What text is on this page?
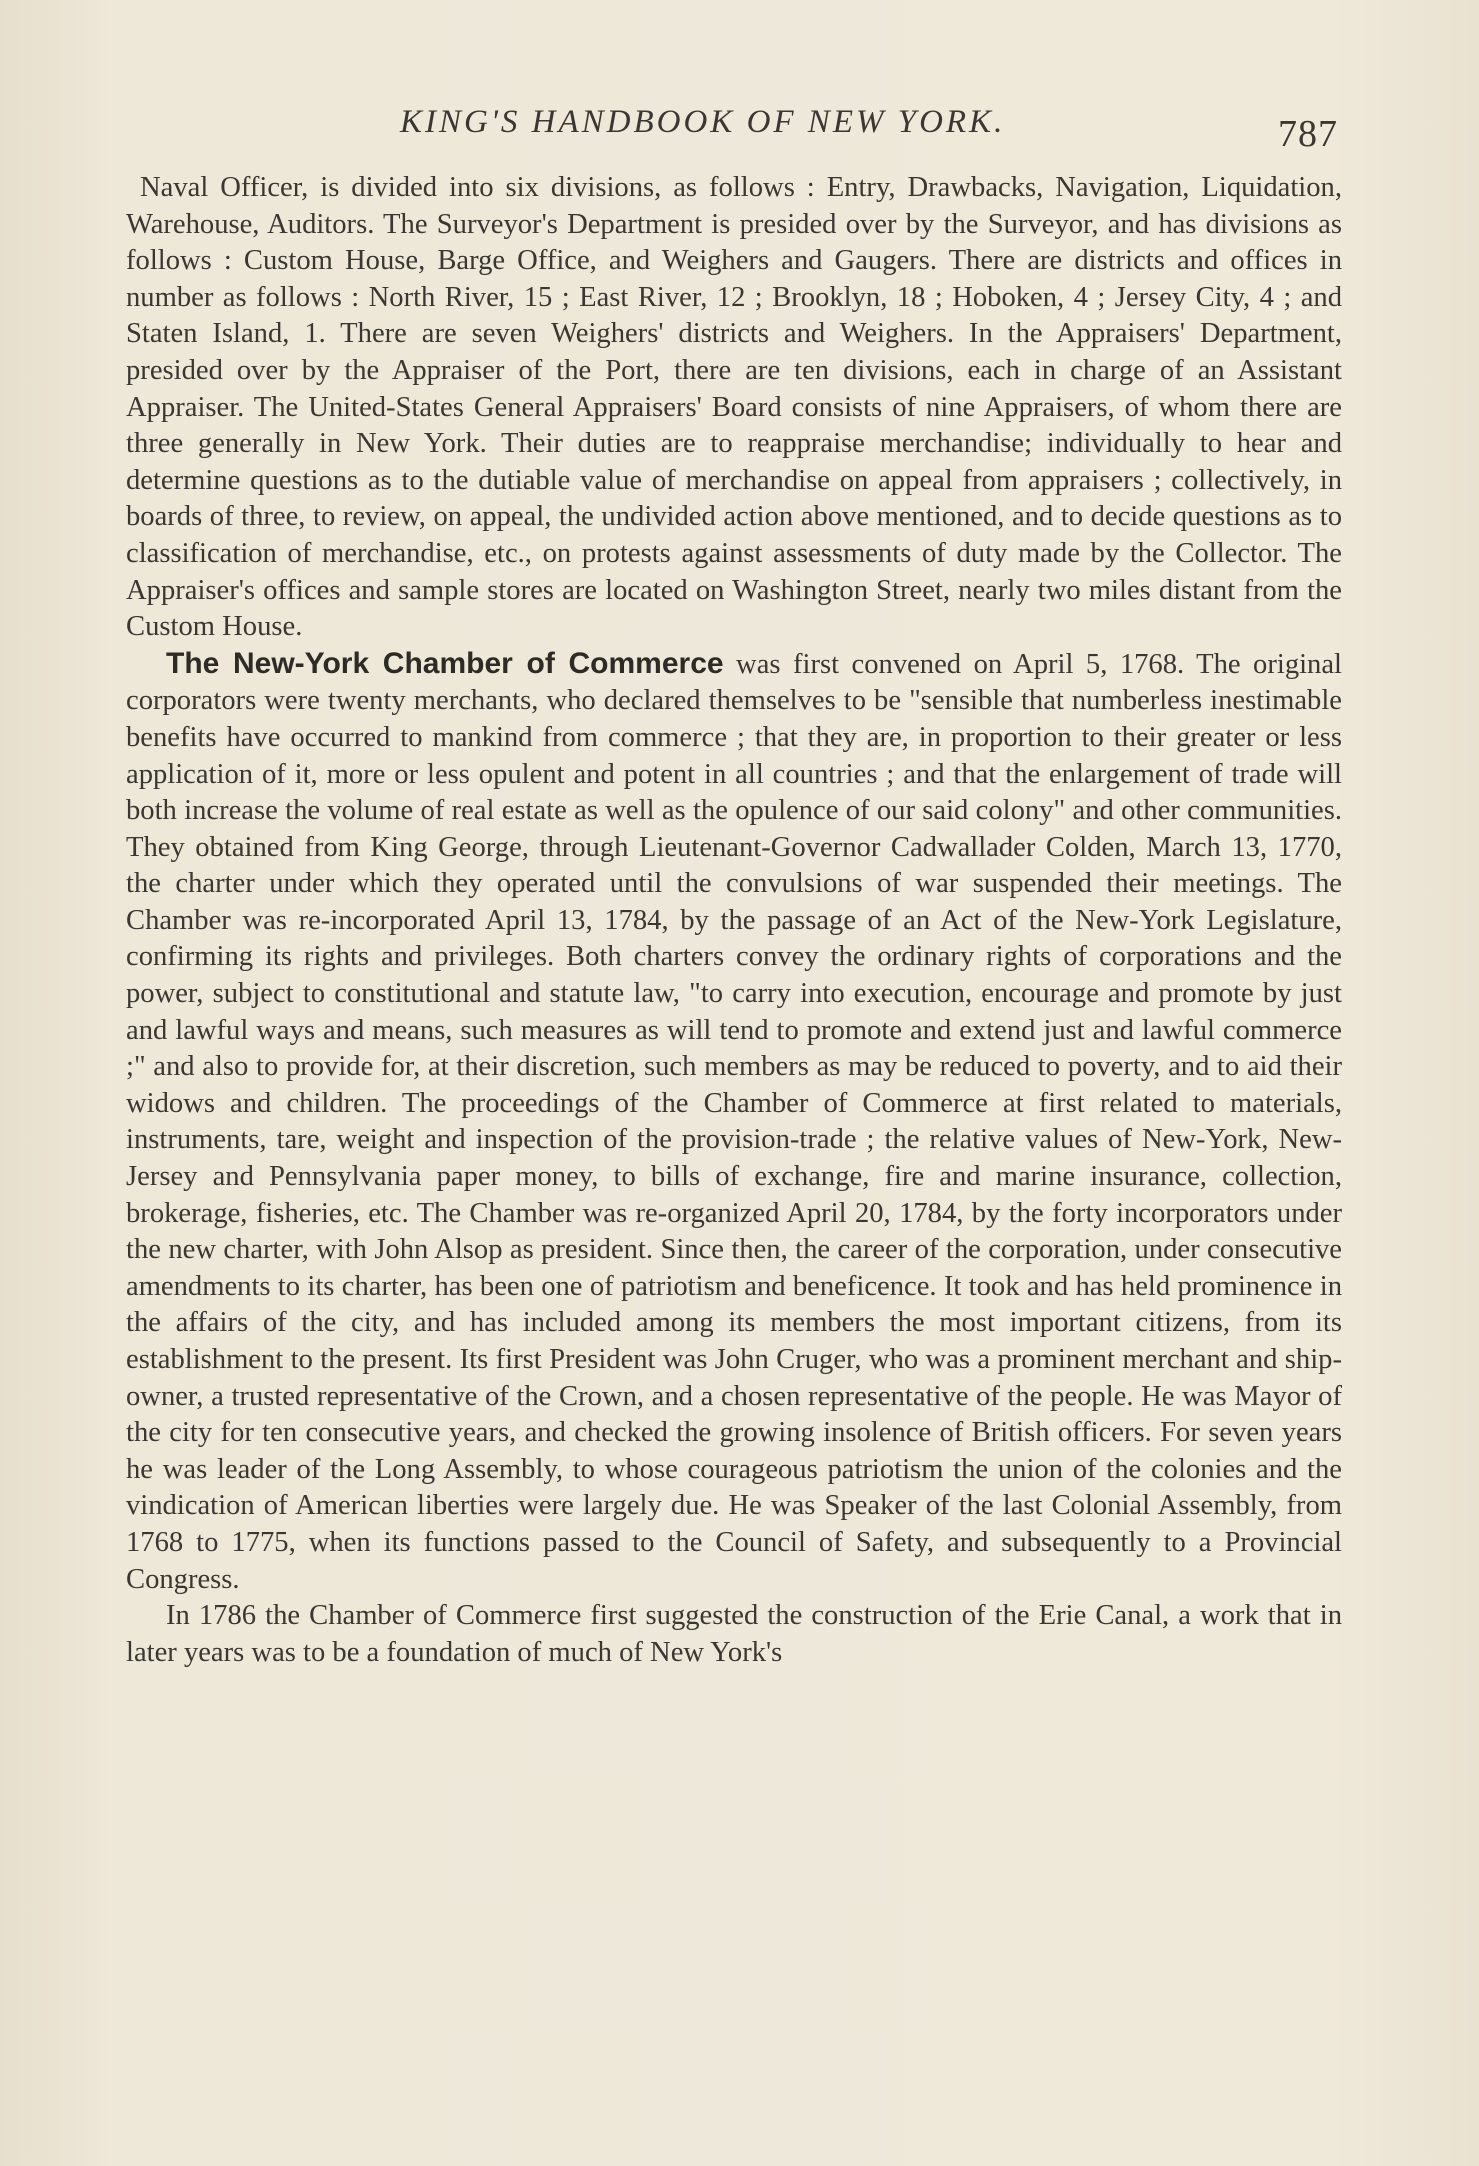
KING'S HANDBOOK OF NEW YORK.	787

Naval Officer, is divided into six divisions, as follows : Entry, Drawbacks, Navigation, Liquidation, Warehouse, Auditors. The Surveyor's Department is presided over by the Surveyor, and has divisions as follows : Custom House, Barge Office, and Weighers and Gaugers. There are districts and offices in number as follows : North River, 15 ; East River, 12 ; Brooklyn, 18 ; Hoboken, 4 ; Jersey City, 4 ; and Staten Island, 1. There are seven Weighers' districts and Weighers. In the Appraisers' Department, presided over by the Appraiser of the Port, there are ten divisions, each in charge of an Assistant Appraiser. The United-States General Appraisers' Board consists of nine Appraisers, of whom there are three generally in New York. Their duties are to reappraise merchandise; individually to hear and determine questions as to the dutiable value of merchandise on appeal from appraisers ; collectively, in boards of three, to review, on appeal, the undivided action above mentioned, and to decide questions as to classification of merchandise, etc., on protests against assessments of duty made by the Collector. The Appraiser's offices and sample stores are located on Washington Street, nearly two miles distant from the Custom House.

The New-York Chamber of Commerce was first convened on April 5, 1768. The original corporators were twenty merchants, who declared themselves to be "sensible that numberless inestimable benefits have occurred to mankind from commerce ; that they are, in proportion to their greater or less application of it, more or less opulent and potent in all countries ; and that the enlargement of trade will both increase the volume of real estate as well as the opulence of our said colony" and other communities. They obtained from King George, through Lieutenant-Governor Cadwallader Colden, March 13, 1770, the charter under which they operated until the convulsions of war suspended their meetings. The Chamber was re-incorporated April 13, 1784, by the passage of an Act of the New-York Legislature, confirming its rights and privileges. Both charters convey the ordinary rights of corporations and the power, subject to constitutional and statute law, "to carry into execution, encourage and promote by just and lawful ways and means, such measures as will tend to promote and extend just and lawful commerce ;" and also to provide for, at their discretion, such members as may be reduced to poverty, and to aid their widows and children. The proceedings of the Chamber of Commerce at first related to materials, instruments, tare, weight and inspection of the provision-trade ; the relative values of New-York, New-Jersey and Pennsylvania paper money, to bills of exchange, fire and marine insurance, collection, brokerage, fisheries, etc. The Chamber was re-organized April 20, 1784, by the forty incorporators under the new charter, with John Alsop as president. Since then, the career of the corporation, under consecutive amendments to its charter, has been one of patriotism and beneficence. It took and has held prominence in the affairs of the city, and has included among its members the most important citizens, from its establishment to the present. Its first President was John Cruger, who was a prominent merchant and ship-owner, a trusted representative of the Crown, and a chosen representative of the people. He was Mayor of the city for ten consecutive years, and checked the growing insolence of British officers. For seven years he was leader of the Long Assembly, to whose courageous patriotism the union of the colonies and the vindication of American liberties were largely due. He was Speaker of the last Colonial Assembly, from 1768 to 1775, when its functions passed to the Council of Safety, and subsequently to a Provincial Congress.

In 1786 the Chamber of Commerce first suggested the construction of the Erie Canal, a work that in later years was to be a foundation of much of New York's
